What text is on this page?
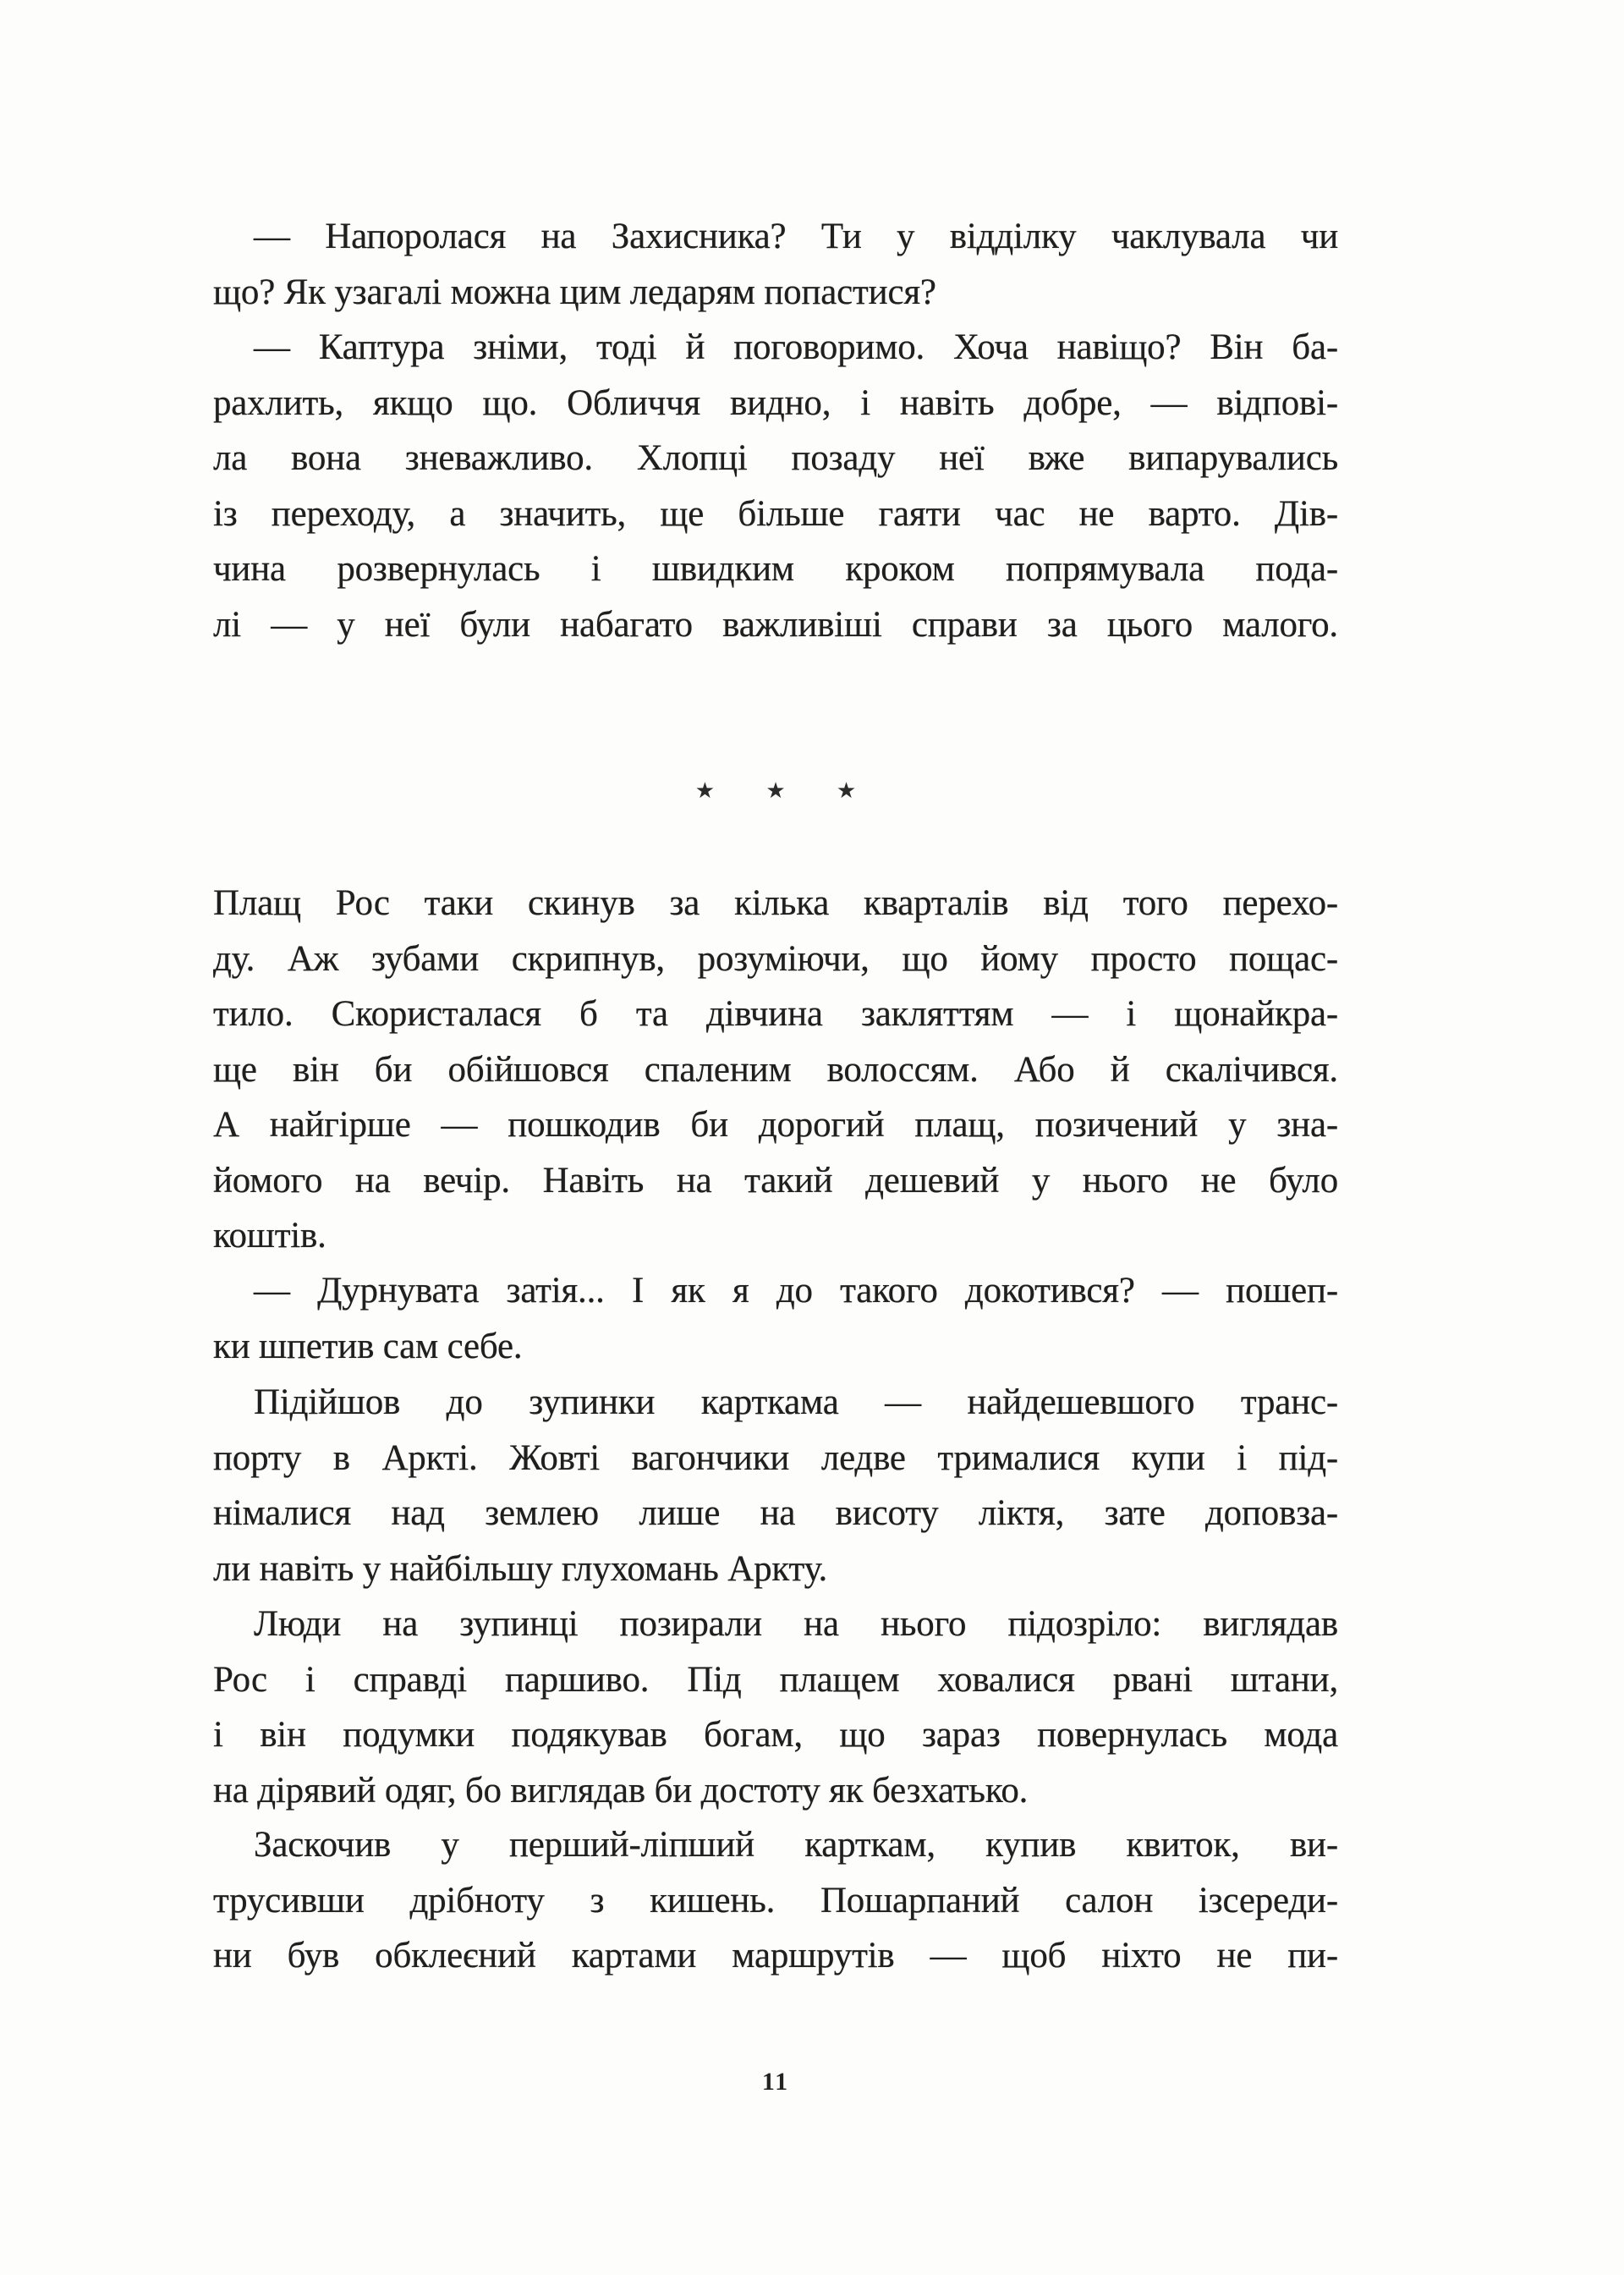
— Напоролася на Захисника? Ти у відділку чаклувала чи
що? Як узагалі можна цим ледарям попастися?
— Каптура зніми, тоді й поговоримо. Хоча навіщо? Він ба-
рахлить, якщо що. Обличчя видно, і навіть добре, — відпові-
ла вона зневажливо. Хлопці позаду неї вже випарувались
із переходу, а значить, ще більше гаяти час не варто. Дів-
чина розвернулась і швидким кроком попрямувала пода-
лі — у неї були набагато важливіші справи за цього малого.
★ ★ ★
Плащ Рос таки скинув за кілька кварталів від того перехо-
ду. Аж зубами скрипнув, розуміючи, що йому просто пощас-
тило. Скористалася б та дівчина закляттям — і щонайкра-
ще він би обійшовся спаленим волоссям. Або й скалічився.
А найгірше — пошкодив би дорогий плащ, позичений у зна-
йомого на вечір. Навіть на такий дешевий у нього не було
коштів.
— Дурнувата затія... І як я до такого докотився? — пошеп-
ки шпетив сам себе.
Підійшов до зупинки карткама — найдешевшого транс-
порту в Аркті. Жовті вагончики ледве трималися купи і під-
німалися над землею лише на висоту ліктя, зате доповза-
ли навіть у найбільшу глухомань Аркту.
Люди на зупинці позирали на нього підозріло: виглядав
Рос і справді паршиво. Під плащем ховалися рвані штани,
і він подумки подякував богам, що зараз повернулась мода
на дірявий одяг, бо виглядав би достоту як безхатько.
Заскочив у перший-ліпший карткам, купив квиток, ви-
трусивши дрібноту з кишень. Пошарпаний салон ізсереди-
ни був обклеєний картами маршрутів — щоб ніхто не пи-
11
